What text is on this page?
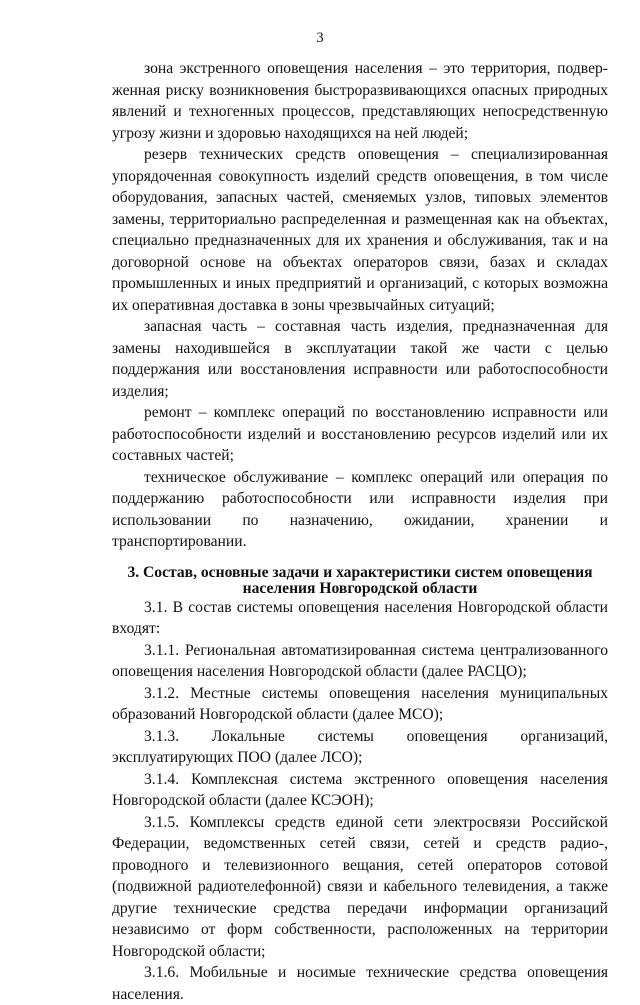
3

зона экстренного оповещения населения – это территория, подверженная риску возникновения быстроразвивающихся опасных природных явлений и техногенных процессов, представляющих непосредственную угрозу жизни и здоровью находящихся на ней людей;

резерв технических средств оповещения – специализированная упорядоченная совокупность изделий средств оповещения, в том числе оборудования, запасных частей, сменяемых узлов, типовых элементов замены, территориально распределенная и размещенная как на объектах, специально предназначенных для их хранения и обслуживания, так и на договорной основе на объектах операторов связи, базах и складах промышленных и иных предприятий и организаций, с которых возможна их оперативная доставка в зоны чрезвычайных ситуаций;

запасная часть – составная часть изделия, предназначенная для замены находившейся в эксплуатации такой же части с целью поддержания или восстановления исправности или работоспособности изделия;

ремонт – комплекс операций по восстановлению исправности или работоспособности изделий и восстановлению ресурсов изделий или их составных частей;

техническое обслуживание – комплекс операций или операция по поддержанию работоспособности или исправности изделия при использовании по назначению, ожидании, хранении и транспортировании.

3. Состав, основные задачи и характеристики систем оповещения
населения Новгородской области

3.1. В состав системы оповещения населения Новгородской области входят:

3.1.1. Региональная автоматизированная система централизованного оповещения населения Новгородской области (далее РАСЦО);

3.1.2. Местные системы оповещения населения муниципальных образований Новгородской области (далее МСО);

3.1.3. Локальные системы оповещения организаций, эксплуатирующих ПОО (далее ЛСО);

3.1.4. Комплексная система экстренного оповещения населения Новгородской области (далее КСЭОН);

3.1.5. Комплексы средств единой сети электросвязи Российской Федерации, ведомственных сетей связи, сетей и средств радио-, проводного и телевизионного вещания, сетей операторов сотовой (подвижной радиотелефонной) связи и кабельного телевидения, а также другие технические средства передачи информации организаций независимо от форм собственности, расположенных на территории Новгородской области;

3.1.6. Мобильные и носимые технические средства оповещения населения.
